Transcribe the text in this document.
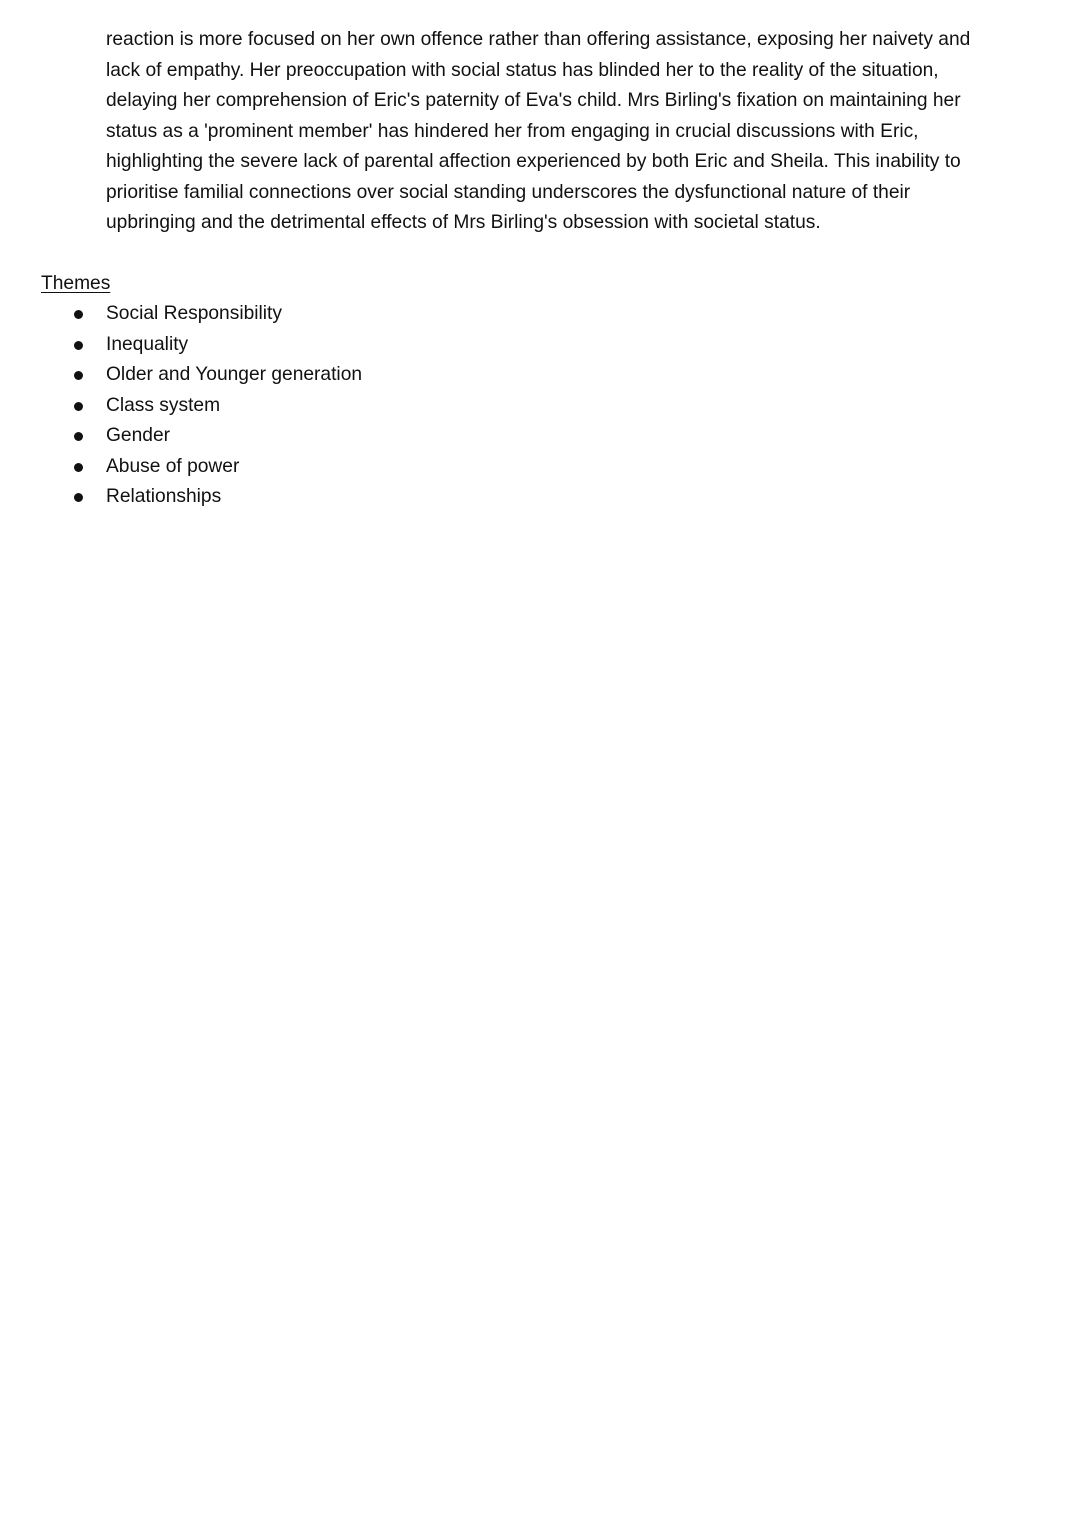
reaction is more focused on her own offence rather than offering assistance, exposing her naivety and
lack of empathy. Her preoccupation with social status has blinded her to the reality of the situation,
delaying her comprehension of Eric's paternity of Eva's child. Mrs Birling's fixation on maintaining her
status as a 'prominent member' has hindered her from engaging in crucial discussions with Eric,
highlighting the severe lack of parental affection experienced by both Eric and Sheila. This inability to
prioritise familial connections over social standing underscores the dysfunctional nature of their
upbringing and the detrimental effects of Mrs Birling's obsession with societal status.
Themes
Social Responsibility
Inequality
Older and Younger generation
Class system
Gender
Abuse of power
Relationships
